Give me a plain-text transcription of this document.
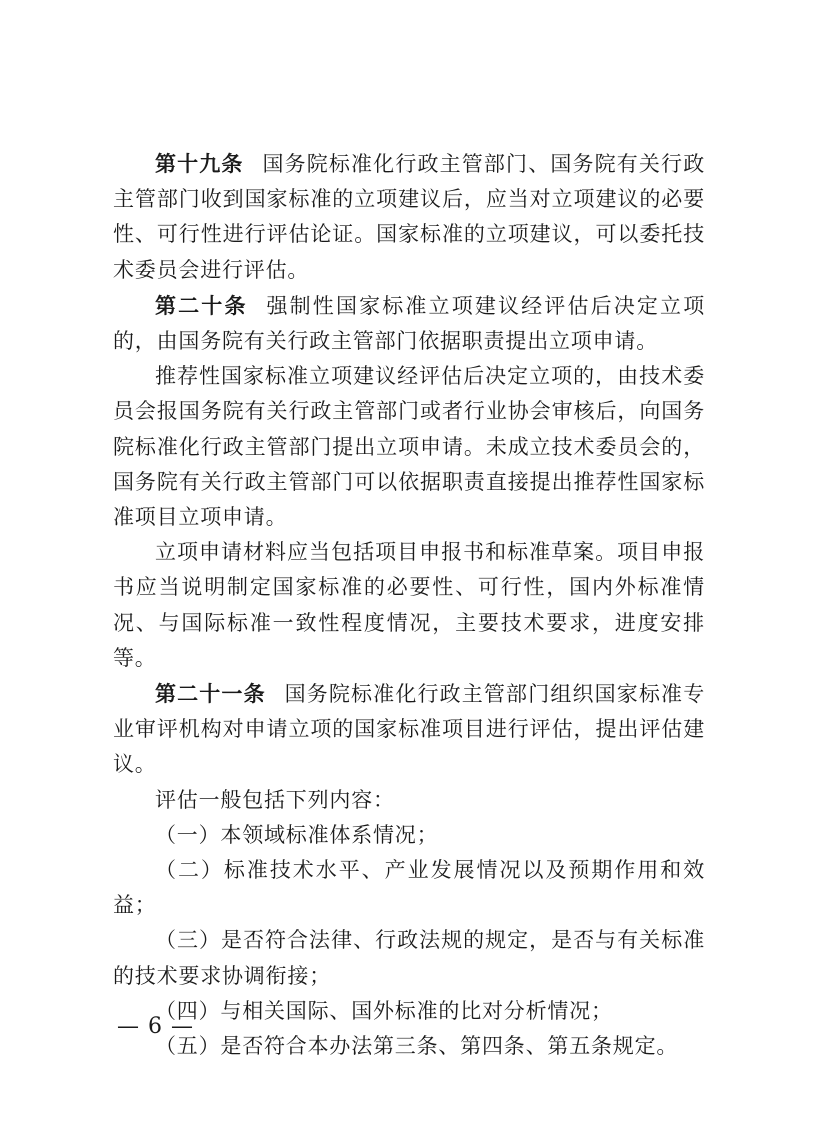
第十九条 国务院标准化行政主管部门、国务院有关行政主管部门收到国家标准的立项建议后，应当对立项建议的必要性、可行性进行评估论证。国家标准的立项建议，可以委托技术委员会进行评估。

第二十条 强制性国家标准立项建议经评估后决定立项的，由国务院有关行政主管部门依据职责提出立项申请。

推荐性国家标准立项建议经评估后决定立项的，由技术委员会报国务院有关行政主管部门或者行业协会审核后，向国务院标准化行政主管部门提出立项申请。未成立技术委员会的，国务院有关行政主管部门可以依据职责直接提出推荐性国家标准项目立项申请。

立项申请材料应当包括项目申报书和标准草案。项目申报书应当说明制定国家标准的必要性、可行性，国内外标准情况、与国际标准一致性程度情况，主要技术要求，进度安排等。

第二十一条 国务院标准化行政主管部门组织国家标准专业审评机构对申请立项的国家标准项目进行评估，提出评估建议。

评估一般包括下列内容：

（一）本领域标准体系情况；

（二）标准技术水平、产业发展情况以及预期作用和效益；

（三）是否符合法律、行政法规的规定，是否与有关标准的技术要求协调衔接；

（四）与相关国际、国外标准的比对分析情况；

（五）是否符合本办法第三条、第四条、第五条规定。

— 6 —
